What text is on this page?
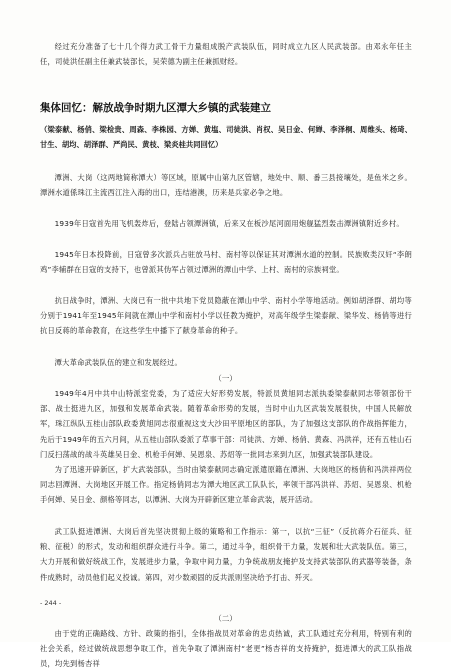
经过充分准备了七十几个得力武工骨干力量组成脱产武装队伍，同时成立九区人民武装部。由邓永年任主任，司徒洪任副主任兼武装部长，吴荣德为副主任兼抓财经。
集体回忆：解放战争时期九区潭大乡镇的武装建立
（梁泰献、杨俏、梁检贵、周森、李株园、方婵、黄塩、司徒洪、肖权、吴日金、何婵、李泽桐、周维头、杨琦、甘生、胡均、胡泽群、严尚民、黄枝、梁炎桂共同回忆）
潭洲、大岗（这两地简称潭大）等区域，原属中山第九区管辖，地处中、顺、番三县接壤处，是鱼米之乡。潭洲水道係珠江主流西江注入海的出口，连结港澳，历来是兵家必争之地。
1939年日寇首先用飞机轰炸后，登陆占领潭洲镇，后来又在板沙尾河面用炮舰猛烈轰击潭洲镇附近乡村。
1945年日本投降前，日寇曾多次派兵占驻放马村、南村等以保证其对潭洲水道的控制。民族败类汉奸“李朗鸡”李辅群在日寇的支持下，也曾派其伪军占领过潭洲的潭山中学、上村、南村的宗族祠堂。
抗日战争时，潭洲、大岗已有一批中共地下党员隐蔽在潭山中学、南村小学等地活动。例如胡泽群、胡均等分别于1941年至1945年间就在潭山中学和南村小学以任教为掩护，对高年级学生梁泰献、梁华发、杨俏等进行抗日反蒋的革命教育，在这些学生中播下了献身革命的种子。
潭大革命武装队伍的建立和发展经过。
（一）
1949年4月中共中山特派室党委，为了适应大好形势发展，特派员黄旭同志派执委梁泰献同志带领部份干部、战士挺进九区，加强和发展革命武装。随着革命形势的发展，当时中山九区武装发展很快，中国人民解放军，珠江纵队五桂山部队政委黄旭同志很重视这支大沙田平原地区的部队，为了加强这支部队的作战指挥能力，先后于1949年的五六月间，从五桂山部队委派了草事干部：司徒洪、方婵、杨俏、黄森、冯洪祥，还有五桂山石门反扫荡战的战斗英雄吴日金、机枪手何婵、吴恩泉、苏炤等一批同志来到九区，加强武装部队建设。
为了迅速开辟新区，扩大武装部队，当时由梁泰献同志确定派遣原籍在潭洲、大岗地区的杨俏和冯洪祥两位同志回潭洲、大岗地区开展工作。指定杨俏同志为潭大地区武工队队长，率领干部冯洪祥、苏炤、吴恩泉、机枪手何婵、吴日金、颜格等同志，以潭洲、大岗为开辟新区建立革命武装，展开活动。
武工队挺进潭洲、大岗后首先坚决贯彻上级的策略和工作指示：第一，以抗“三征”（反抗蒋介石征兵、征粮、征税）的形式，发动和组织群众进行斗争。第二，通过斗争，组织骨干力量，发展和壮大武装队伍。第三，大力开展和做好统战工作，发展进步力量，争取中间力量，力争统战朋友掩护及支持武装部队的武器等装备，条件成熟时，动员他们起义投诚。第四，对少数顽固的反共派则坚决给予打击、歼灭。
（二）
由于党的正确路线、方针、政策的指引，全体指战员对革命的忠贞热诚，武工队通过充分利用，特别有利的社会关系，经过做统战思想争取工作，首先争取了潭洲南村“老更”杨杏祥的支持掩护，挺进潭大的武工队指战员，均先到杨杏祥
- 244 -
